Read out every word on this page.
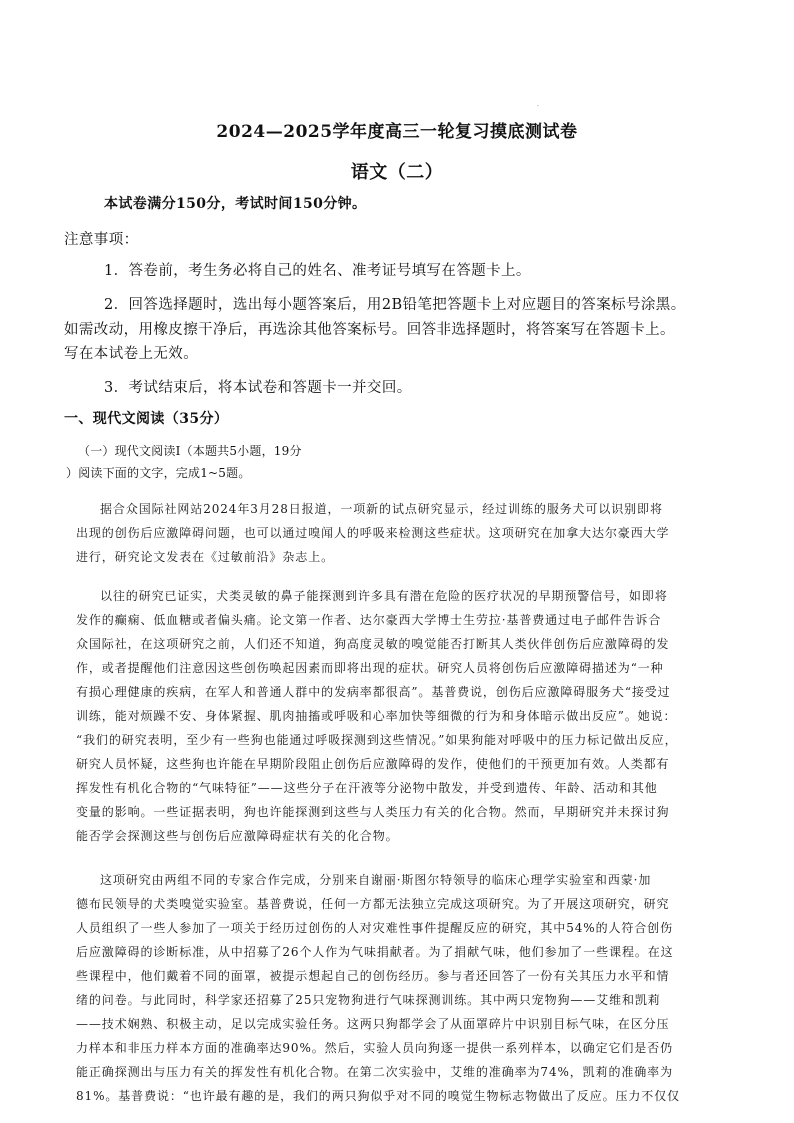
·
2024—2025学年度高三一轮复习摸底测试卷
语文（二）
本试卷满分150分，考试时间150分钟。
注意事项：
1．答卷前，考生务必将自己的姓名、准考证号填写在答题卡上。
2．回答选择题时，选出每小题答案后，用2B铅笔把答题卡上对应题目的答案标号涂黑。
如需改动，用橡皮擦干净后，再选涂其他答案标号。回答非选择题时，将答案写在答题卡上。
写在本试卷上无效。
3．考试结束后，将本试卷和答题卡一并交回。
一、现代文阅读（35分）
（一）现代文阅读Ⅰ（本题共5小题，19分
）阅读下面的文字，完成1~5题。
据合众国际社网站2024年3月28日报道，一项新的试点研究显示，经过训练的服务犬可以识别即将
出现的创伤后应激障碍问题，也可以通过嗅闻人的呼吸来检测这些症状。这项研究在加拿大达尔豪西大学
进行，研究论文发表在《过敏前沿》杂志上。
以往的研究已证实，犬类灵敏的鼻子能探测到许多具有潜在危险的医疗状况的早期预警信号，如即将
发作的癫痫、低血糖或者偏头痛。论文第一作者、达尔豪西大学博士生劳拉·基普费通过电子邮件告诉合
众国际社，在这项研究之前，人们还不知道，狗高度灵敏的嗅觉能否打断其人类伙伴创伤后应激障碍的发
作，或者提醒他们注意因这些创伤唤起因素而即将出现的症状。研究人员将创伤后应激障碍描述为“一种
有损心理健康的疾病，在军人和普通人群中的发病率都很高”。基普费说，创伤后应激障碍服务犬“接受过
训练，能对烦躁不安、身体紧握、肌肉抽搐或呼吸和心率加快等细微的行为和身体暗示做出反应”。她说：
“我们的研究表明，至少有一些狗也能通过呼吸探测到这些情况。”如果狗能对呼吸中的压力标记做出反应，
研究人员怀疑，这些狗也许能在早期阶段阻止创伤后应激障碍的发作，使他们的干预更加有效。人类都有
挥发性有机化合物的“气味特征”——这些分子在汗液等分泌物中散发，并受到遗传、年龄、活动和其他
变量的影响。一些证据表明，狗也许能探测到这些与人类压力有关的化合物。然而，早期研究并未探讨狗
能否学会探测这些与创伤后应激障碍症状有关的化合物。
这项研究由两组不同的专家合作完成，分别来自谢丽·斯图尔特领导的临床心理学实验室和西蒙·加
德布民领导的犬类嗅觉实验室。基普费说，任何一方都无法独立完成这项研究。为了开展这项研究，研究
人员组织了一些人参加了一项关于经历过创伤的人对灾难性事件提醒反应的研究，其中54%的人符合创伤
后应激障碍的诊断标准，从中招募了26个人作为气味捐献者。为了捐献气味，他们参加了一些课程。在这
些课程中，他们戴着不同的面罩，被提示想起自己的创伤经历。参与者还回答了一份有关其压力水平和情
绪的问卷。与此同时，科学家还招募了25只宠物狗进行气味探测训练。其中两只宠物狗——艾维和凯莉
——技术娴熟、积极主动，足以完成实验任务。这两只狗都学会了从面罩碎片中识别目标气味，在区分压
力样本和非压力样本方面的准确率达90%。然后，实验人员向狗逐一提供一系列样本，以确定它们是否仍
能正确探测出与压力有关的挥发性有机化合物。在第二次实验中，艾维的准确率为74%，凯莉的准确率为
81%。基普费说：“也许最有趣的是，我们的两只狗似乎对不同的嗅觉生物标志物做出了反应。压力不仅仅
